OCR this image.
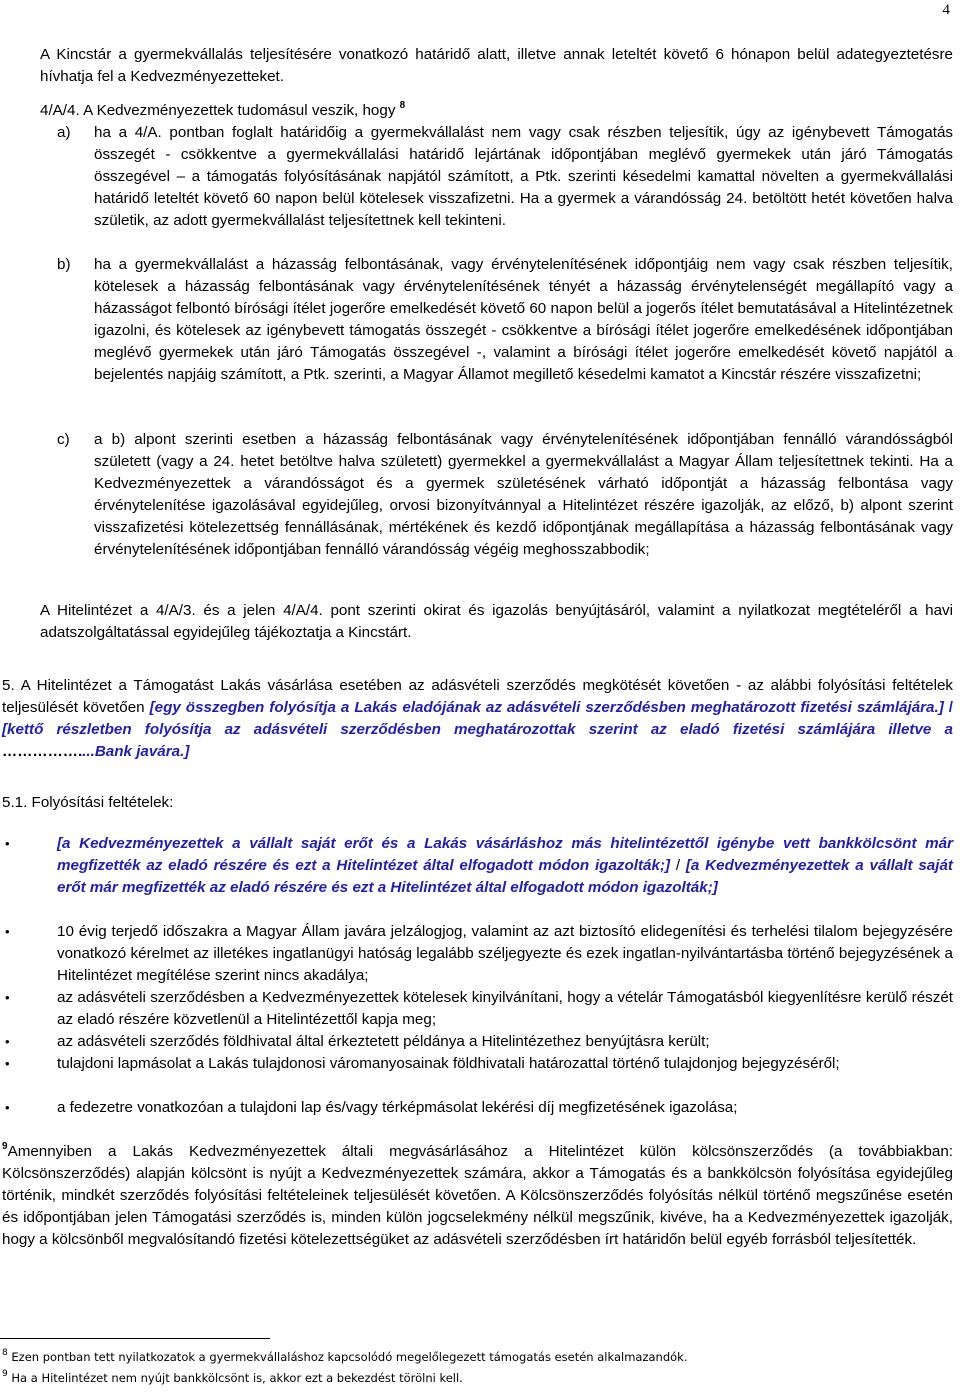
4

A Kincstár a gyermekvállalás teljesítésére vonatkozó határidő alatt, illetve annak leteltét követő 6 hónapon belül adategyeztetésre hívhatja fel a Kedvezményezetteket.

4/A/4. A Kedvezményezettek tudomásul veszik, hogy $^8$

a) ha a 4/A. pontban foglalt határidőig a gyermekvállalást nem vagy csak részben teljesítik, úgy az igénybevett Támogatás összegét - csökkentve a gyermekvállalási határidő lejártának időpontjában meglévő gyermekek után járó Támogatás összegével – a támogatás folyósításának napjától számított, a Ptk. szerinti késedelmi kamattal növelten a gyermekvállalási határidő leteltét követő 60 napon belül kötelesek visszafizetni. Ha a gyermek a várandósság 24. betöltött hetét követően halva születik, az adott gyermekvállalást teljesítettnek kell tekinteni.

b) ha a gyermekvállalást a házasság felbontásának, vagy érvénytelenítésének időpontjáig nem vagy csak részben teljesítik, kötelesek a házasság felbontásának vagy érvénytelenítésének tényét a házasság érvénytelenségét megállapító vagy a házasságot felbontó bírósági ítélet jogerőre emelkedését követő 60 napon belül a jogerős ítélet bemutatásával a Hitelintézetnek igazolni, és kötelesek az igénybevett támogatás összegét - csökkentve a bírósági ítélet jogerőre emelkedésének időpontjában meglévő gyermekek után járó Támogatás összegével -, valamint a bírósági ítélet jogerőre emelkedését követő napjától a bejelentés napjáig számított, a Ptk. szerinti, a Magyar Államot megillető késedelmi kamatot a Kincstár részére visszafizetni;

c) a b) alpont szerinti esetben a házasság felbontásának vagy érvénytelenítésének időpontjában fennálló várandósságból született (vagy a 24. hetet betöltve halva született) gyermekkel a gyermekvállalást a Magyar Állam teljesítettnek tekinti. Ha a Kedvezményezettek a várandósságot és a gyermek születésének várható időpontját a házasság felbontása vagy érvénytelenítése igazolásával egyidejűleg, orvosi bizonyítvánnyal a Hitelintézet részére igazolják, az előző, b) alpont szerint visszafizetési kötelezettség fennállásának, mértékének és kezdő időpontjának megállapítása a házasság felbontásának vagy érvénytelenítésének időpontjában fennálló várandósság végéig meghosszabbodik;

A Hitelintézet a 4/A/3. és a jelen 4/A/4. pont szerinti okirat és igazolás benyújtásáról, valamint a nyilatkozat megtételéről a havi adatszolgáltatással egyidejűleg tájékoztatja a Kincstárt.

5. A Hitelintézet a Támogatást Lakás vásárlása esetében az adásvételi szerződés megkötését követően - az alábbi folyósítási feltételek teljesülését követően [egy összegben folyósítja a Lakás eladójának az adásvételi szerződésben meghatározott fizetési számlájára.] / [kettő részletben folyósítja az adásvételi szerződésben meghatározottak szerint az eladó fizetési számlájára illetve a ……………....Bank javára.]

5.1. Folyósítási feltételek:

•	[a Kedvezményezettek a vállalt saját erőt és a Lakás vásárláshoz más hitelintézettől igénybe vett bankkölcsönt már megfizették az eladó részére és ezt a Hitelintézet által elfogadott módon igazolták;] / [a Kedvezményezettek a vállalt saját erőt már megfizették az eladó részére és ezt a Hitelintézet által elfogadott módon igazolták;]

•	10 évig terjedő időszakra a Magyar Állam javára jelzálogjog, valamint az azt biztosító elidegenítési és terhelési tilalom bejegyzésére vonatkozó kérelmet az illetékes ingatlanügyi hatóság legalább széljegyezte és ezek ingatlan-nyilvántartásba történő bejegyzésének a Hitelintézet megítélése szerint nincs akadálya;

•	az adásvételi szerződésben a Kedvezményezettek kötelesek kinyilvánítani, hogy a vételár Támogatásból kiegyenlítésre kerülő részét az eladó részére közvetlenül a Hitelintézettől kapja meg;

•	az adásvételi szerződés földhivatal által érkeztetett példánya a Hitelintézethez benyújtásra került;

•	tulajdoni lapmásolat a Lakás tulajdonosi váromanyosainak földhivatali határozattal történő tulajdonjog bejegyzéséről;

•	a fedezetre vonatkozóan a tulajdoni lap és/vagy térképmásolat lekérési díj megfizetésének igazolása;

$^9$Amennyiben a Lakás Kedvezményezettek általi megvásárlásához a Hitelintézet külön kölcsönszerződés (a továbbiakban: Kölcsönszerződés) alapján kölcsönt is nyújt a Kedvezményezettek számára, akkor a Támogatás és a bankkölcsön folyósítása egyidejűleg történik, mindkét szerződés folyósítási feltételeinek teljesülését követően. A Kölcsönszerződés folyósítás nélkül történő megszűnése esetén és időpontjában jelen Támogatási szerződés is, minden külön jogcselekmény nélkül megszűnik, kivéve, ha a Kedvezményezettek igazolják, hogy a kölcsönből megvalósítandó fizetési kötelezettségüket az adásvételi szerződésben írt határidőn belül egyéb forrásból teljesítették.

$^8$ Ezen pontban tett nyilatkozatok a gyermekvállaláshoz kapcsolódó megelőlegezett támogatás esetén alkalmazandók.

$^9$ Ha a Hitelintézet nem nyújt bankkölcsönt is, akkor ezt a bekezdést törölni kell.
